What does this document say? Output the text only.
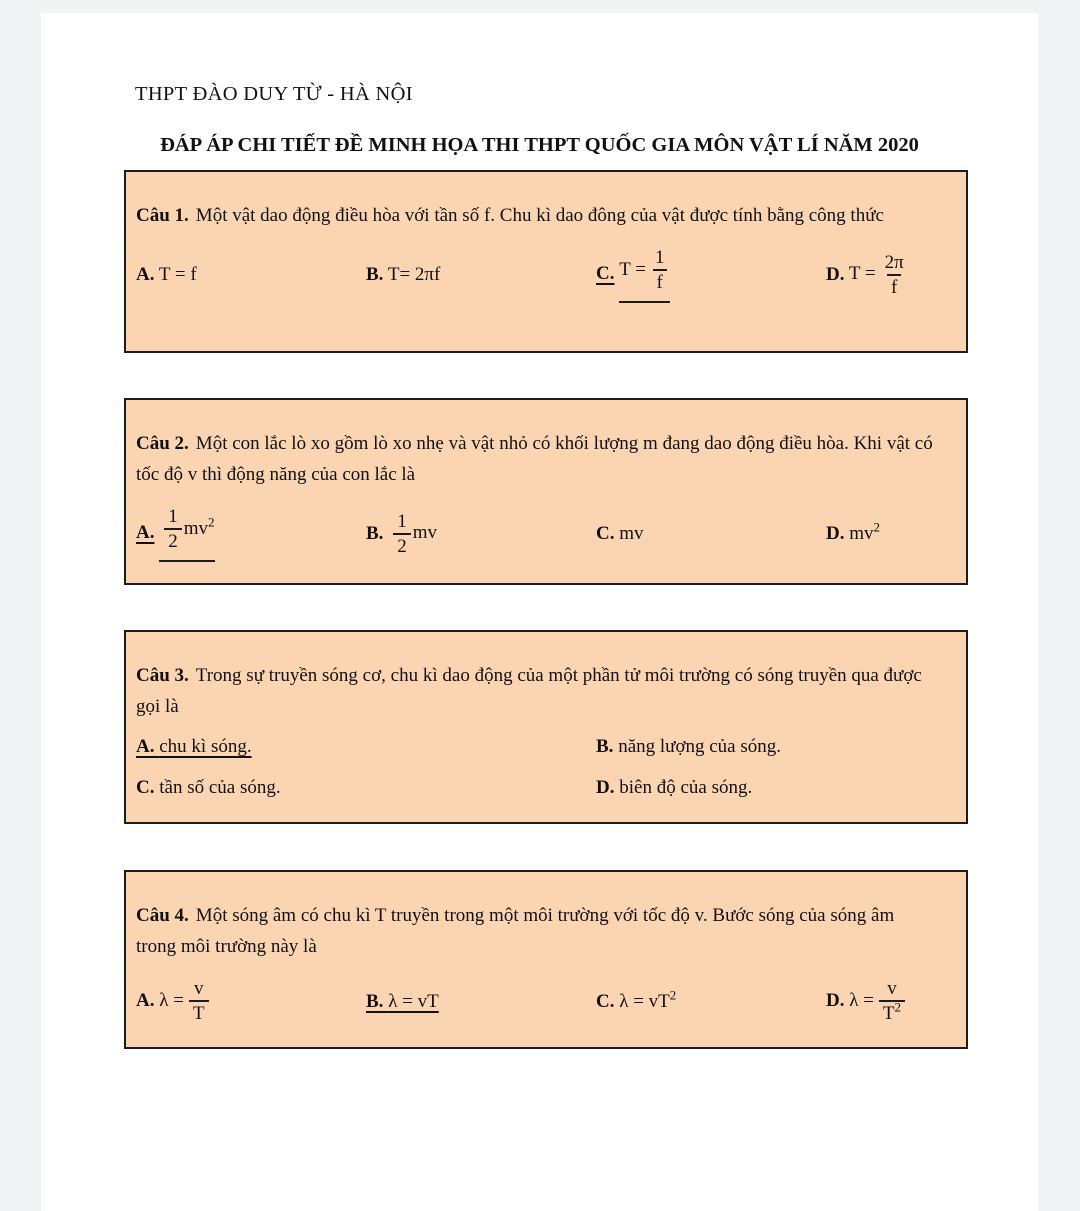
THPT ĐÀO DUY TỪ - HÀ NỘI
ĐÁP ÁP CHI TIẾT ĐỀ MINH HỌA THI THPT QUỐC GIA MÔN VẬT LÍ NĂM 2020

Câu 1. Một vật dao động điều hòa với tần số f. Chu kì dao đông của vật được tính bằng công thức

A. T = f	B. T= 2πf	C. $T = \frac{1}{f}$	D. $T = \frac{2\pi}{f}$

Câu 2. Một con lắc lò xo gồm lò xo nhẹ và vật nhỏ có khối lượng m đang dao động điều hòa. Khi vật có tốc độ v thì động năng của con lắc là

A. $\frac{1}{2} mv^2$
B. $\frac{1}{2}$ mv	C. mv	D. $mv^2$

Câu 3. Trong sự truyền sóng cơ, chu kì dao động của một phần tử môi trường có sóng truyền qua được gọi là

A. chu kì sóng.	B. năng lượng của sóng.
C. tần số của sóng.	D. biên độ của sóng.

Câu 4. Một sóng âm có chu kì T truyền trong một môi trường với tốc độ v. Bước sóng của sóng âm trong môi trường này là

A. $\lambda = \frac{v}{T}$	B. λ = vT	C. $\lambda = vT^2$	D. $\lambda = \frac{v}{T^2}$
